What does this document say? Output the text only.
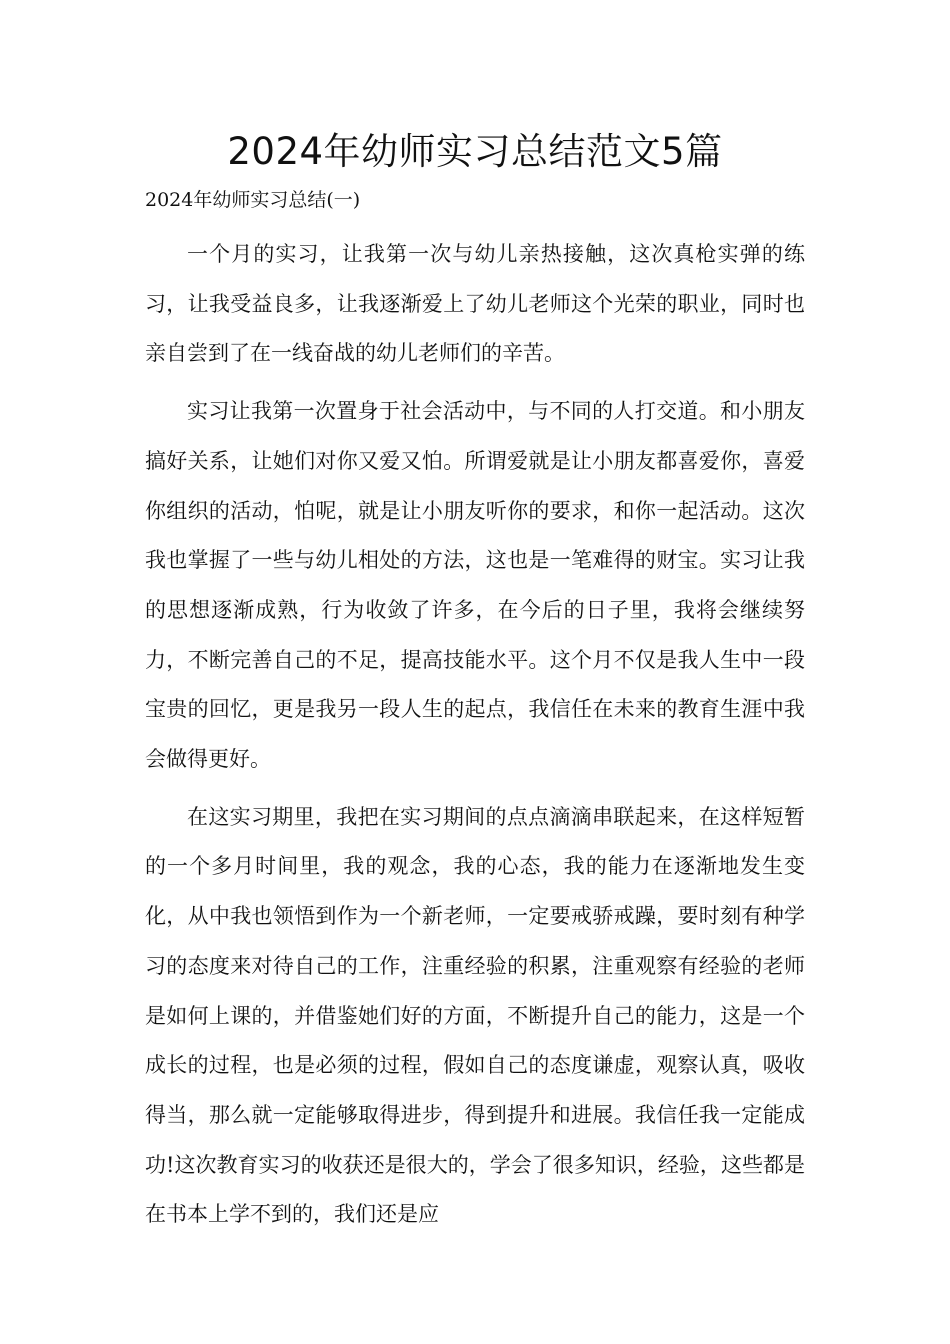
2024年幼师实习总结范文5篇

2024年幼师实习总结(一)

一个月的实习，让我第一次与幼儿亲热接触，这次真枪实弹的练习，让我受益良多，让我逐渐爱上了幼儿老师这个光荣的职业，同时也亲自尝到了在一线奋战的幼儿老师们的辛苦。

实习让我第一次置身于社会活动中，与不同的人打交道。和小朋友搞好关系，让她们对你又爱又怕。所谓爱就是让小朋友都喜爱你，喜爱你组织的活动，怕呢，就是让小朋友听你的要求，和你一起活动。这次我也掌握了一些与幼儿相处的方法，这也是一笔难得的财宝。实习让我的思想逐渐成熟，行为收敛了许多，在今后的日子里，我将会继续努力，不断完善自己的不足，提高技能水平。这个月不仅是我人生中一段宝贵的回忆，更是我另一段人生的起点，我信任在未来的教育生涯中我会做得更好。

在这实习期里，我把在实习期间的点点滴滴串联起来，在这样短暂的一个多月时间里，我的观念，我的心态，我的能力在逐渐地发生变化，从中我也领悟到作为一个新老师，一定要戒骄戒躁，要时刻有种学习的态度来对待自己的工作，注重经验的积累，注重观察有经验的老师是如何上课的，并借鉴她们好的方面，不断提升自己的能力，这是一个成长的过程，也是必须的过程，假如自己的态度谦虚，观察认真，吸收得当，那么就一定能够取得进步，得到提升和进展。我信任我一定能成功!这次教育实习的收获还是很大的，学会了很多知识，经验，这些都是在书本上学不到的，我们还是应
